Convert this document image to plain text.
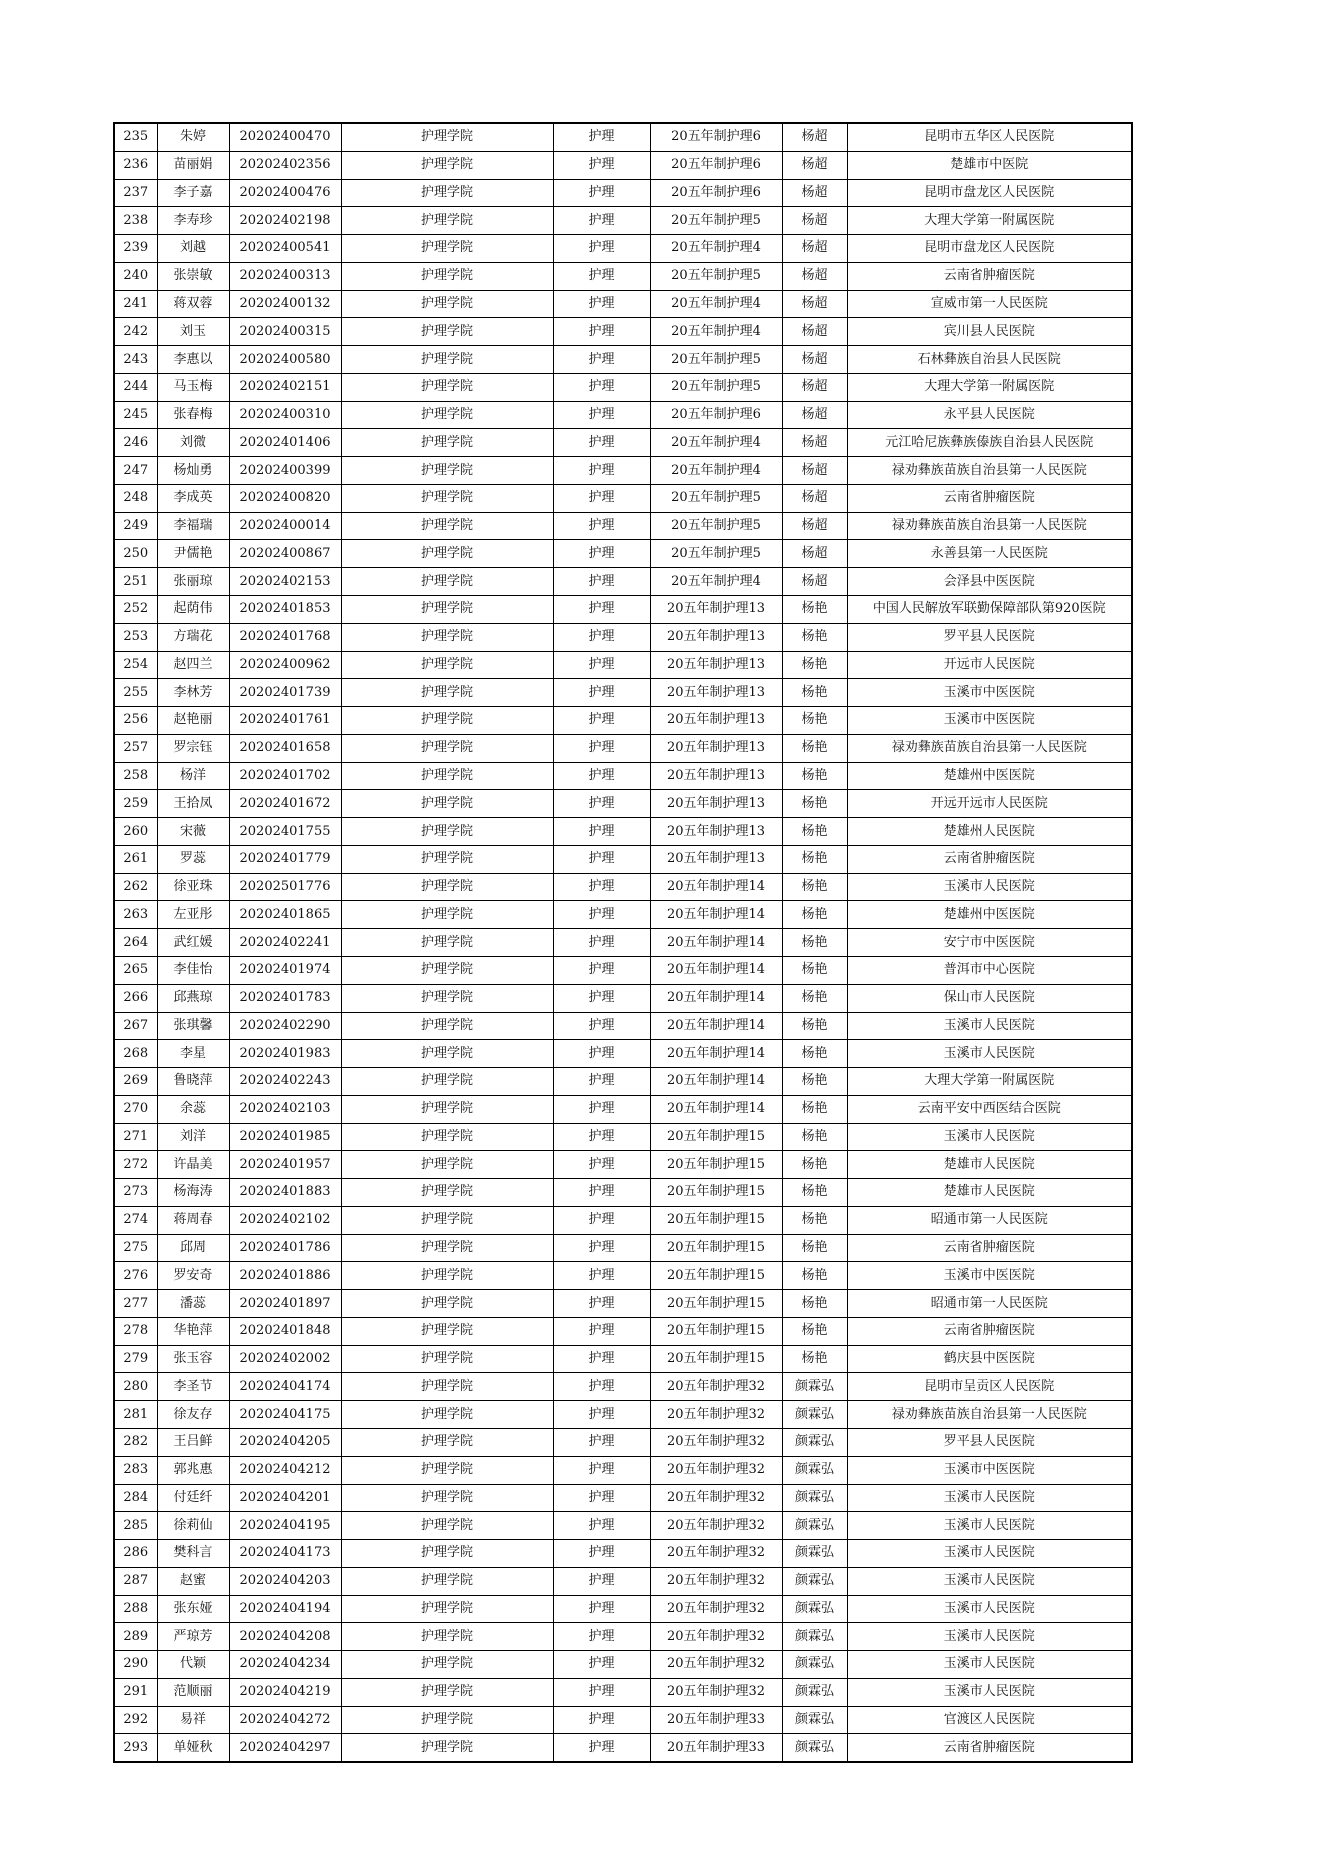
235	朱婷	20202400470	护理学院	护理	20五年制护理6	杨超	昆明市五华区人民医院
236	苗丽娟	20202402356	护理学院	护理	20五年制护理6	杨超	楚雄市中医院
237	李子嘉	20202400476	护理学院	护理	20五年制护理6	杨超	昆明市盘龙区人民医院
238	李寿珍	20202402198	护理学院	护理	20五年制护理5	杨超	大理大学第一附属医院
239	刘越	20202400541	护理学院	护理	20五年制护理4	杨超	昆明市盘龙区人民医院
240	张崇敏	20202400313	护理学院	护理	20五年制护理5	杨超	云南省肿瘤医院
241	蒋双蓉	20202400132	护理学院	护理	20五年制护理4	杨超	宣威市第一人民医院
242	刘玉	20202400315	护理学院	护理	20五年制护理4	杨超	宾川县人民医院
243	李惠以	20202400580	护理学院	护理	20五年制护理5	杨超	石林彝族自治县人民医院
244	马玉梅	20202402151	护理学院	护理	20五年制护理5	杨超	大理大学第一附属医院
245	张春梅	20202400310	护理学院	护理	20五年制护理6	杨超	永平县人民医院
246	刘微	20202401406	护理学院	护理	20五年制护理4	杨超	元江哈尼族彝族傣族自治县人民医院
247	杨灿勇	20202400399	护理学院	护理	20五年制护理4	杨超	禄劝彝族苗族自治县第一人民医院
248	李成英	20202400820	护理学院	护理	20五年制护理5	杨超	云南省肿瘤医院
249	李福瑞	20202400014	护理学院	护理	20五年制护理5	杨超	禄劝彝族苗族自治县第一人民医院
250	尹儒艳	20202400867	护理学院	护理	20五年制护理5	杨超	永善县第一人民医院
251	张丽琼	20202402153	护理学院	护理	20五年制护理4	杨超	会泽县中医医院
252	起荫伟	20202401853	护理学院	护理	20五年制护理13	杨艳	中国人民解放军联勤保障部队第920医院
253	方瑞花	20202401768	护理学院	护理	20五年制护理13	杨艳	罗平县人民医院
254	赵四兰	20202400962	护理学院	护理	20五年制护理13	杨艳	开远市人民医院
255	李林芳	20202401739	护理学院	护理	20五年制护理13	杨艳	玉溪市中医医院
256	赵艳丽	20202401761	护理学院	护理	20五年制护理13	杨艳	玉溪市中医医院
257	罗宗钰	20202401658	护理学院	护理	20五年制护理13	杨艳	禄劝彝族苗族自治县第一人民医院
258	杨洋	20202401702	护理学院	护理	20五年制护理13	杨艳	楚雄州中医医院
259	王拾凤	20202401672	护理学院	护理	20五年制护理13	杨艳	开远开远市人民医院
260	宋薇	20202401755	护理学院	护理	20五年制护理13	杨艳	楚雄州人民医院
261	罗蕊	20202401779	护理学院	护理	20五年制护理13	杨艳	云南省肿瘤医院
262	徐亚珠	20202501776	护理学院	护理	20五年制护理14	杨艳	玉溪市人民医院
263	左亚彤	20202401865	护理学院	护理	20五年制护理14	杨艳	楚雄州中医医院
264	武红媛	20202402241	护理学院	护理	20五年制护理14	杨艳	安宁市中医医院
265	李佳怡	20202401974	护理学院	护理	20五年制护理14	杨艳	普洱市中心医院
266	邱燕琼	20202401783	护理学院	护理	20五年制护理14	杨艳	保山市人民医院
267	张琪馨	20202402290	护理学院	护理	20五年制护理14	杨艳	玉溪市人民医院
268	李星	20202401983	护理学院	护理	20五年制护理14	杨艳	玉溪市人民医院
269	鲁晓萍	20202402243	护理学院	护理	20五年制护理14	杨艳	大理大学第一附属医院
270	余蕊	20202402103	护理学院	护理	20五年制护理14	杨艳	云南平安中西医结合医院
271	刘洋	20202401985	护理学院	护理	20五年制护理15	杨艳	玉溪市人民医院
272	许晶美	20202401957	护理学院	护理	20五年制护理15	杨艳	楚雄市人民医院
273	杨海涛	20202401883	护理学院	护理	20五年制护理15	杨艳	楚雄市人民医院
274	蒋周春	20202402102	护理学院	护理	20五年制护理15	杨艳	昭通市第一人民医院
275	邱周	20202401786	护理学院	护理	20五年制护理15	杨艳	云南省肿瘤医院
276	罗安奇	20202401886	护理学院	护理	20五年制护理15	杨艳	玉溪市中医医院
277	潘蕊	20202401897	护理学院	护理	20五年制护理15	杨艳	昭通市第一人民医院
278	华艳萍	20202401848	护理学院	护理	20五年制护理15	杨艳	云南省肿瘤医院
279	张玉容	20202402002	护理学院	护理	20五年制护理15	杨艳	鹤庆县中医医院
280	李圣节	20202404174	护理学院	护理	20五年制护理32	颜霖弘	昆明市呈贡区人民医院
281	徐友存	20202404175	护理学院	护理	20五年制护理32	颜霖弘	禄劝彝族苗族自治县第一人民医院
282	王吕鲜	20202404205	护理学院	护理	20五年制护理32	颜霖弘	罗平县人民医院
283	郭兆惠	20202404212	护理学院	护理	20五年制护理32	颜霖弘	玉溪市中医医院
284	付廷纤	20202404201	护理学院	护理	20五年制护理32	颜霖弘	玉溪市人民医院
285	徐莉仙	20202404195	护理学院	护理	20五年制护理32	颜霖弘	玉溪市人民医院
286	樊科言	20202404173	护理学院	护理	20五年制护理32	颜霖弘	玉溪市人民医院
287	赵蜜	20202404203	护理学院	护理	20五年制护理32	颜霖弘	玉溪市人民医院
288	张东娅	20202404194	护理学院	护理	20五年制护理32	颜霖弘	玉溪市人民医院
289	严琼芳	20202404208	护理学院	护理	20五年制护理32	颜霖弘	玉溪市人民医院
290	代颖	20202404234	护理学院	护理	20五年制护理32	颜霖弘	玉溪市人民医院
291	范顺丽	20202404219	护理学院	护理	20五年制护理32	颜霖弘	玉溪市人民医院
292	易祥	20202404272	护理学院	护理	20五年制护理33	颜霖弘	官渡区人民医院
293	单娅秋	20202404297	护理学院	护理	20五年制护理33	颜霖弘	云南省肿瘤医院
